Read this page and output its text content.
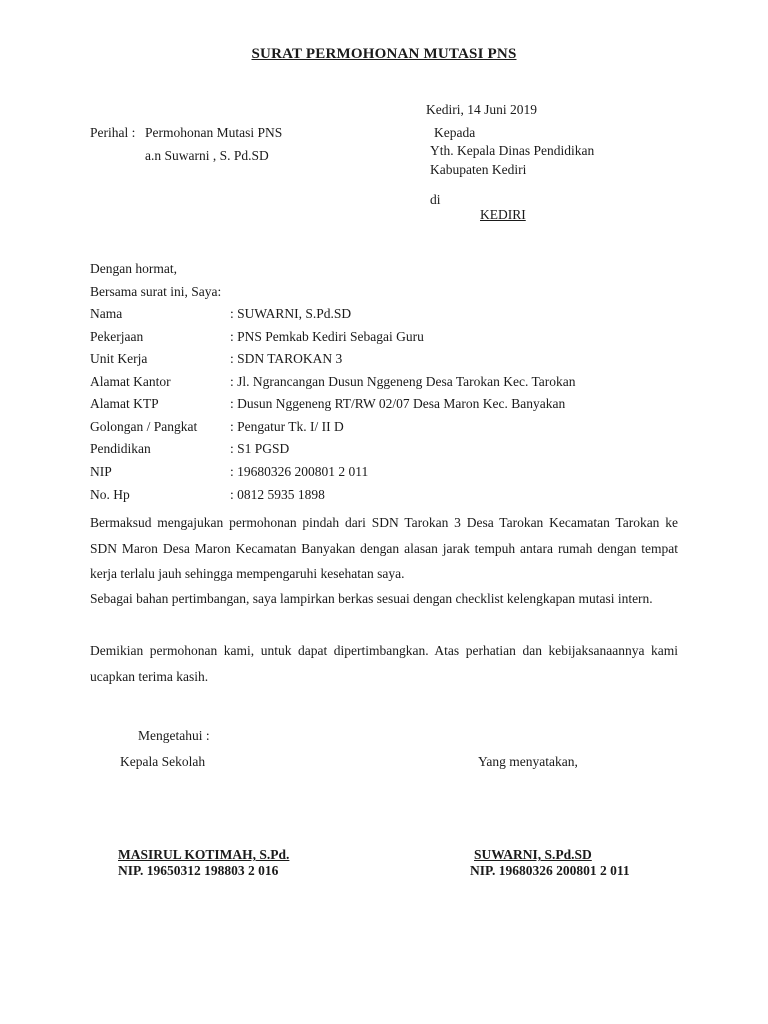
SURAT PERMOHONAN MUTASI PNS
Kediri, 14 Juni 2019
Perihal : Permohonan Mutasi PNS
a.n Suwarni , S. Pd.SD
Kepada
Yth. Kepala Dinas Pendidikan
Kabupaten Kediri
di
KEDIRI
Dengan hormat,
Bersama surat ini, Saya:
Nama	: SUWARNI, S.Pd.SD
Pekerjaan	: PNS Pemkab Kediri Sebagai Guru
Unit Kerja	: SDN TAROKAN 3
Alamat Kantor	: Jl. Ngrancangan Dusun Nggeneng Desa Tarokan Kec. Tarokan
Alamat KTP	: Dusun Nggeneng RT/RW 02/07 Desa Maron Kec. Banyakan
Golongan / Pangkat : Pengatur Tk. I/ II D
Pendidikan	: S1 PGSD
NIP	: 19680326 200801 2 011
No. Hp	: 0812 5935 1898
Bermaksud mengajukan permohonan pindah dari SDN Tarokan 3 Desa Tarokan Kecamatan Tarokan ke SDN Maron Desa Maron Kecamatan Banyakan dengan alasan jarak tempuh antara rumah dengan tempat kerja terlalu jauh sehingga mempengaruhi kesehatan saya.
Sebagai bahan pertimbangan, saya lampirkan berkas sesuai dengan checklist kelengkapan mutasi intern.
Demikian permohonan kami, untuk dapat dipertimbangkan. Atas perhatian dan kebijaksanaannya kami ucapkan terima kasih.
Mengetahui :
Kepala Sekolah
MASIRUL KOTIMAH, S.Pd.
NIP. 19650312 198803 2 016
Yang menyatakan,
SUWARNI, S.Pd.SD
NIP. 19680326 200801 2 011
